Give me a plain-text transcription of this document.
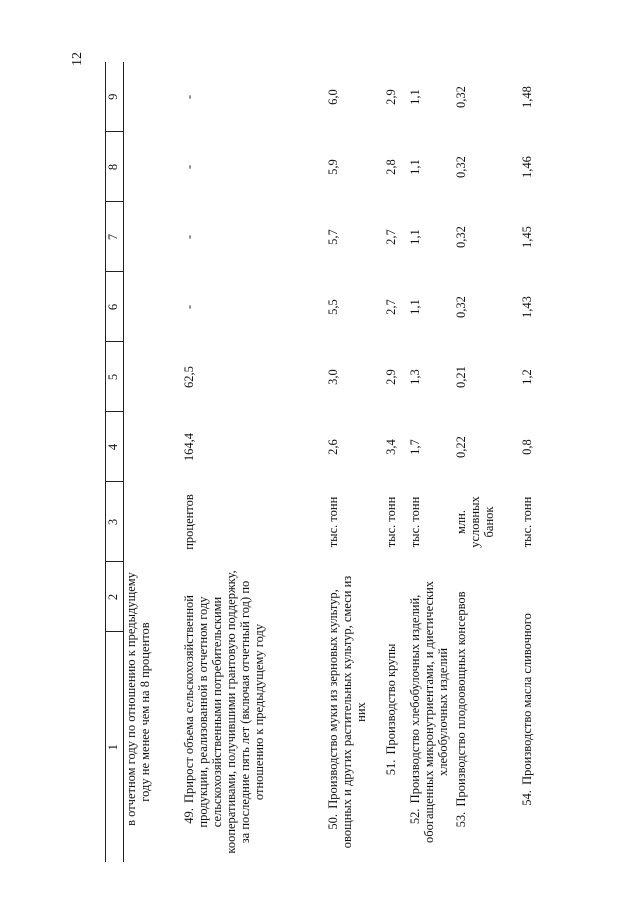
12
1	2	3	4	5	6	7	8	9
в отчетном году по отношению к предыдущему году не менее чем на 8 процентов								
49.Прирост объема сельскохозяйственной продукции, реализованной в отчетном году сельскохозяйственными потребительскими кооперативами, получившими грантовую поддержку, за последние пять лет (включая отчетный год) по отношению к предыдущему году		процентов	164,4	62,5	-	-	-	-
50.Производство муки из зерновых культур, овощных и других растительных культур, смеси из них		тыс. тонн	2,6	3,0	5,5	5,7	5,9	6,0
51.Производство крупы		тыс. тонн	3,4	2,9	2,7	2,7	2,8	2,9
52.Производство хлебобулочных изделий, обогащенных микронутриентами, и диетических хлебобулочных изделий		тыс. тонн	1,7	1,3	1,1	1,1	1,1	1,1
53.Производство плодоовощных консервов		млн. условных банок	0,22	0,21	0,32	0,32	0,32	0,32
54.Производство масла сливочного		тыс. тонн	0,8	1,2	1,43	1,45	1,46	1,48
